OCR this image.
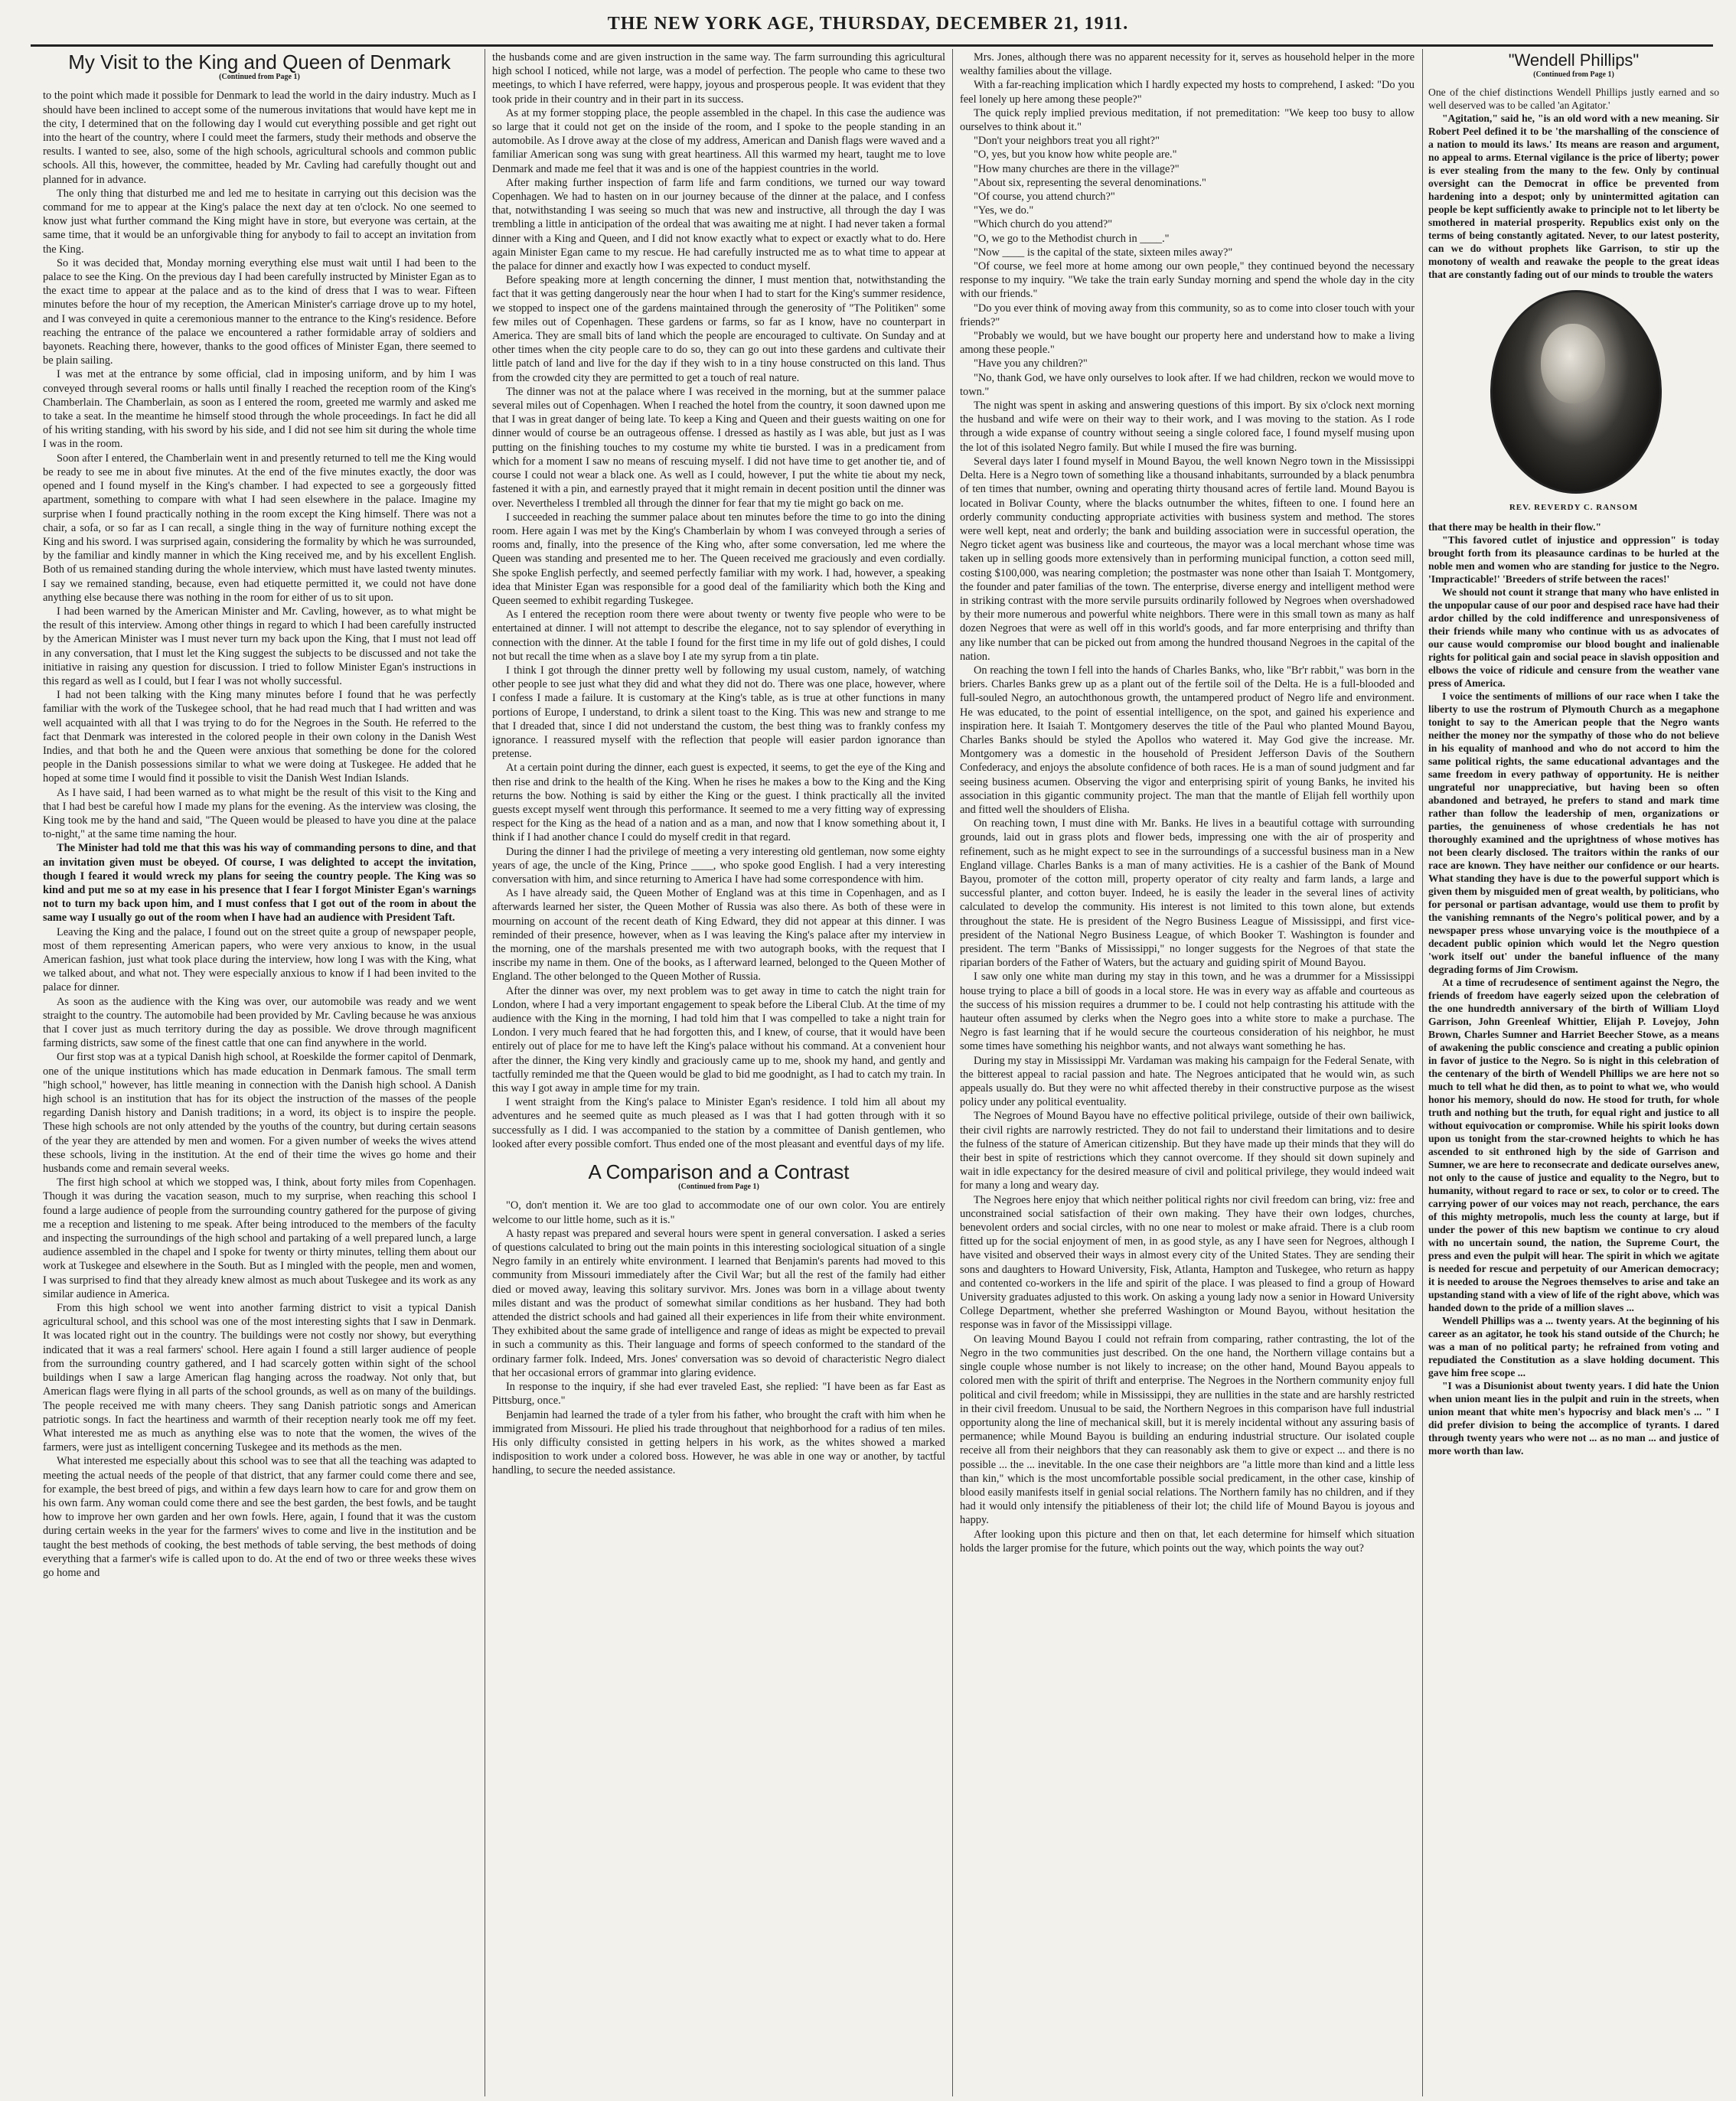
THE NEW YORK AGE, THURSDAY, DECEMBER 21, 1911.
My Visit to the King and Queen of Denmark
(Continued from Page 1)

to the point which made it possible for Denmark to lead the world in the dairy industry. Much as I should have been inclined to accept some of the numerous invitations that would have kept me in the city, I determined that on the following day I would cut everything possible and get right out into the heart of the country, where I could meet the farmers, study their methods and observe the results. I wanted to see, also, some of the high schools, agricultural schools and common public schools. All this, however, the committee, headed by Mr. Cavling had carefully thought out and planned for in advance.

The only thing that disturbed me and led me to hesitate in carrying out this decision was the command for me to appear at the King's palace the next day at ten o'clock. No one seemed to know just what further command the King might have in store, but everyone was certain, at the same time, that it would be an unforgivable thing for anybody to fail to accept an invitation from the King.

So it was decided that, Monday morning everything else must wait until I had been to the palace to see the King. On the previous day I had been carefully instructed by Minister Egan as to the exact time to appear at the palace and as to the kind of dress that I was to wear. Fifteen minutes before the hour of my reception, the American Minister's carriage drove up to my hotel, and I was conveyed in quite a ceremonious manner to the entrance to the King's residence. Before reaching the entrance of the palace we encountered a rather formidable array of soldiers and bayonets. Reaching there, however, thanks to the good offices of Minister Egan, there seemed to be plain sailing.

I was met at the entrance by some official, clad in imposing uniform, and by him I was conveyed through several rooms or halls until finally I reached the reception room of the King's Chamberlain. The Chamberlain, as soon as I entered the room, greeted me warmly and asked me to take a seat. In the meantime he himself stood through the whole proceedings. In fact he did all of his writing standing, with his sword by his side, and I did not see him sit during the whole time I was in the room.

Soon after I entered, the Chamberlain went in and presently returned to tell me the King would be ready to see me in about five minutes. At the end of the five minutes exactly, the door was opened and I found myself in the King's chamber. I had expected to see a gorgeously fitted apartment, something to compare with what I had seen elsewhere in the palace. Imagine my surprise when I found practically nothing in the room except the King himself. There was not a chair, a sofa, or so far as I can recall, a single thing in the way of furniture nothing except the King and his sword. I was surprised again, considering the formality by which he was surrounded, by the familiar and kindly manner in which the King received me, and by his excellent English. Both of us remained standing during the whole interview, which must have lasted twenty minutes. I say we remained standing, because, even had etiquette permitted it, we could not have done anything else because there was nothing in the room for either of us to sit upon.

I had been warned by the American Minister and Mr. Cavling, however, as to what might be the result of this interview. Among other things in regard to which I had been carefully instructed by the American Minister was I must never turn my back upon the King, that I must not lead off in any conversation, that I must let the King suggest the subjects to be discussed and not take the initiative in raising any question for discussion. I tried to follow Minister Egan's instructions in this regard as well as I could, but I fear I was not wholly successful.

I had not been talking with the King many minutes before I found that he was perfectly familiar with the work of the Tuskegee school, that he had read much that I had written and was well acquainted with all that I was trying to do for the Negroes in the South. He referred to the fact that Denmark was interested in the colored people in their own colony in the Danish West Indies, and that both he and the Queen were anxious that something be done for the colored people in the Danish possessions similar to what we were doing at Tuskegee. He added that he hoped at some time I would find it possible to visit the Danish West Indian Islands.

As I have said, I had been warned as to what might be the result of this visit to the King and that I had best be careful how I made my plans for the evening. As the interview was closing, the King took me by the hand and said, "The Queen would be pleased to have you dine at the palace to-night," at the same time naming the hour.

The Minister had told me that this was his way of commanding persons to dine, and that an invitation given must be obeyed. Of course, I was delighted to accept the invitation, though I feared it would wreck my plans for seeing the country people. The King was so kind and put me so at my ease in his presence that I fear I forgot Minister Egan's warnings not to turn my back upon him, and I must confess that I got out of the room in about the same way I usually go out of the room when I have had an audience with President Taft.

Leaving the King and the palace, I found out on the street quite a group of newspaper people, most of them representing American papers, who were very anxious to know, in the usual American fashion, just what took place during the interview, how long I was with the King, what we talked about, and what not. They were especially anxious to know if I had been invited to the palace for dinner.

As soon as the audience with the King was over, our automobile was ready and we went straight to the country. The automobile had been provided by Mr. Cavling because he was anxious that I cover just as much territory during the day as possible. We drove through magnificent farming districts, saw some of the finest cattle that one can find anywhere in the world.

Our first stop was at a typical Danish high school, at Roeskilde the former capitol of Denmark, one of the unique institutions which has made education in Denmark famous. The small term "high school," however, has little meaning in connection with the Danish high school. A Danish high school is an institution that has for its object the instruction of the masses of the people regarding Danish history and Danish traditions; in a word, its object is to inspire the people. These high schools are not only attended by the youths of the country, but during certain seasons of the year they are attended by men and women. For a given number of weeks the wives attend these schools, living in the institution. At the end of their time the wives go home and their husbands come and remain several weeks.

The first high school at which we stopped was, I think, about forty miles from Copenhagen. Though it was during the vacation season, much to my surprise, when reaching this school I found a large audience of people from the surrounding country gathered for the purpose of giving me a reception and listening to me speak. After being introduced to the members of the faculty and inspecting the surroundings of the high school and partaking of a well prepared lunch, a large audience assembled in the chapel and I spoke for twenty or thirty minutes, telling them about our work at Tuskegee and elsewhere in the South. But as I mingled with the people, men and women, I was surprised to find that they already knew almost as much about Tuskegee and its work as any similar audience in America.

From this high school we went into another farming district to visit a typical Danish agricultural school, and this school was one of the most interesting sights that I saw in Denmark. It was located right out in the country. The buildings were not costly nor showy, but everything indicated that it was a real farmers' school. Here again I found a still larger audience of people from the surrounding country gathered, and I had scarcely gotten within sight of the school buildings when I saw a large American flag hanging across the roadway. Not only that, but American flags were flying in all parts of the school grounds, as well as on many of the buildings. The people received me with many cheers. They sang Danish patriotic songs and American patriotic songs. In fact the heartiness and warmth of their reception nearly took me off my feet. What interested me as much as anything else was to note that the women, the wives of the farmers, were just as intelligent concerning Tuskegee and its methods as the men.

What interested me especially about this school was to see that all the teaching was adapted to meeting the actual needs of the people of that district, that any farmer could come there and see, for example, the best breed of pigs, and within a few days learn how to care for and grow them on his own farm. Any woman could come there and see the best garden, the best fowls, and be taught how to improve her own garden and her own fowls. Here, again, I found that it was the custom during certain weeks in the year for the farmers' wives to come and live in the institution and be taught the best methods of cooking, the best methods of table serving, the best methods of doing everything that a farmer's wife is called upon to do. At the end of two or three weeks these wives go home and

the husbands come and are given instruction in the same way. The farm surrounding this agricultural high school I noticed, while not large, was a model of perfection. The people who came to these two meetings, to which I have referred, were happy, joyous and prosperous people. It was evident that they took pride in their country and in their part in its success.

As at my former stopping place, the people assembled in the chapel. In this case the audience was so large that it could not get on the inside of the room, and I spoke to the people standing in an automobile. As I drove away at the close of my address, American and Danish flags were waved and a familiar American song was sung with great heartiness. All this warmed my heart, taught me to love Denmark and made me feel that it was and is one of the happiest countries in the world.

After making further inspection of farm life and farm conditions, we turned our way toward Copenhagen. We had to hasten on in our journey because of the dinner at the palace, and I confess that, notwithstanding I was seeing so much that was new and instructive, all through the day I was trembling a little in anticipation of the ordeal that was awaiting me at night. I had never taken a formal dinner with a King and Queen, and I did not know exactly what to expect or exactly what to do. Here again Minister Egan came to my rescue. He had carefully instructed me as to what time to appear at the palace for dinner and exactly how I was expected to conduct myself.

Before speaking more at length concerning the dinner, I must mention that, notwithstanding the fact that it was getting dangerously near the hour when I had to start for the King's summer residence, we stopped to inspect one of the gardens maintained through the generosity of "The Politiken" some few miles out of Copenhagen. These gardens or farms, so far as I know, have no counterpart in America. They are small bits of land which the people are encouraged to cultivate. On Sunday and at other times when the city people care to do so, they can go out into these gardens and cultivate their little patch of land and live for the day if they wish to in a tiny house constructed on this land. Thus from the crowded city they are permitted to get a touch of real nature.

The dinner was not at the palace where I was received in the morning, but at the summer palace several miles out of Copenhagen. When I reached the hotel from the country, it soon dawned upon me that I was in great danger of being late. To keep a King and Queen and their guests waiting on one for dinner would of course be an outrageous offense. I dressed as hastily as I was able, but just as I was putting on the finishing touches to my costume my white tie bursted. I was in a predicament from which for a moment I saw no means of rescuing myself. I did not have time to get another tie, and of course I could not wear a black one. As well as I could, however, I put the white tie about my neck, fastened it with a pin, and earnestly prayed that it might remain in decent position until the dinner was over. Nevertheless I trembled all through the dinner for fear that my tie might go back on me.

I succeeded in reaching the summer palace about ten minutes before the time to go into the dining room. Here again I was met by the King's Chamberlain by whom I was conveyed through a series of rooms and, finally, into the presence of the King who, after some conversation, led me where the Queen was standing and presented me to her. The Queen received me graciously and even cordially. She spoke English perfectly, and seemed perfectly familiar with my work. I had, however, a speaking idea that Minister Egan was responsible for a good deal of the familiarity which both the King and Queen seemed to exhibit regarding Tuskegee.

As I entered the reception room there were about twenty or twenty five people who were to be entertained at dinner. I will not attempt to describe the elegance, not to say splendor of everything in connection with the dinner. At the table I found for the first time in my life out of gold dishes, I could not but recall the time when as a slave boy I ate my syrup from a tin plate.

I think I got through the dinner pretty well by following my usual custom, namely, of watching other people to see just what they did and what they did not do. There was one place, however, where I confess I made a failure. It is customary at the King's table, as is true at other functions in many portions of Europe, I understand, to drink a silent toast to the King. This was new and strange to me that I dreaded that, since I did not understand the custom, the best thing was to frankly confess my ignorance. I reassured myself with the reflection that people will easier pardon ignorance than pretense.

At a certain point during the dinner, each guest is expected, it seems, to get the eye of the King and then rise and drink to the health of the King. When he rises he makes a bow to the King and the King returns the bow. Nothing is said by either the King or the guest. I think practically all the invited guests except myself went through this performance. It seemed to me a very fitting way of expressing respect for the King as the head of a nation and as a man, and now that I know something about it, I think if I had another chance I could do myself credit in that regard.

During the dinner I had the privilege of meeting a very interesting old gentleman, now some eighty years of age, the uncle of the King, Prince ____, who spoke good English. I had a very interesting conversation with him, and since returning to America I have had some correspondence with him.

As I have already said, the Queen Mother of England was at this time in Copenhagen, and as I afterwards learned her sister, the Queen Mother of Russia was also there. As both of these were in mourning on account of the recent death of King Edward, they did not appear at this dinner. I was reminded of their presence, however, when as I was leaving the King's palace after my interview in the morning, one of the marshals presented me with two autograph books, with the request that I inscribe my name in them. One of the books, as I afterward learned, belonged to the Queen Mother of England. The other belonged to the Queen Mother of Russia.

After the dinner was over, my next problem was to get away in time to catch the night train for London, where I had a very important engagement to speak before the Liberal Club. At the time of my audience with the King in the morning, I had told him that I was compelled to take a night train for London. I very much feared that he had forgotten this, and I knew, of course, that it would have been entirely out of place for me to have left the King's palace without his command. At a convenient hour after the dinner, the King very kindly and graciously came up to me, shook my hand, and gently and tactfully reminded me that the Queen would be glad to bid me goodnight, as I had to catch my train. In this way I got away in ample time for my train.

I went straight from the King's palace to Minister Egan's residence. I told him all about my adventures and he seemed quite as much pleased as I was that I had gotten through with it so successfully as I did. I was accompanied to the station by a committee of Danish gentlemen, who looked after every possible comfort. Thus ended one of the most pleasant and eventful days of my life.

A Comparison and a Contrast
(Continued from Page 1)

"O, don't mention it. We are too glad to accommodate one of our own color. You are entirely welcome to our little home, such as it is."

A hasty repast was prepared and several hours were spent in general conversation. I asked a series of questions calculated to bring out the main points in this interesting sociological situation of a single Negro family in an entirely white environment. I learned that Benjamin's parents had moved to this community from Missouri immediately after the Civil War; but all the rest of the family had either died or moved away, leaving this solitary survivor. Mrs. Jones was born in a village about twenty miles distant and was the product of somewhat similar conditions as her husband. They had both attended the district schools and had gained all their experiences in life from their white environment. They exhibited about the same grade of intelligence and range of ideas as might be expected to prevail in such a community as this. Their language and forms of speech conformed to the standard of the ordinary farmer folk. Indeed, Mrs. Jones' conversation was so devoid of characteristic Negro dialect that her occasional errors of grammar into glaring evidence.

In response to the inquiry, if she had ever traveled East, she replied: "I have been as far East as Pittsburg, once."

Benjamin had learned the trade of a tyler from his father, who brought the craft with him when he immigrated from Missouri. He plied his trade throughout that neighborhood for a radius of ten miles. His only difficulty consisted in getting helpers in his work, as the whites showed a marked indisposition to work under a colored boss. However, he was able in one way or another, by tactful handling, to secure the needed assistance.

Mrs. Jones, although there was no apparent necessity for it, serves as household helper in the more wealthy families about the village.

With a far-reaching implication which I hardly expected my hosts to comprehend, I asked: "Do you feel lonely up here among these people?"

The quick reply implied previous meditation, if not premeditation: "We keep too busy to allow ourselves to think about it."

"Don't your neighbors treat you all right?"

"O, yes, but you know how white people are."

"How many churches are there in the village?"

"About six, representing the several denominations."

"Of course, you attend church?"

"Yes, we do."

"Which church do you attend?"

"O, we go to the Methodist church in ____."

"Now ____ is the capital of the state, sixteen miles away?"

"Of course, we feel more at home among our own people," they continued beyond the necessary response to my inquiry. "We take the train early Sunday morning and spend the whole day in the city with our friends."

"Do you ever think of moving away from this community, so as to come into closer touch with your friends?"

"Probably we would, but we have bought our property here and understand how to make a living among these people."

"Have you any children?"

"No, thank God, we have only ourselves to look after. If we had children, reckon we would move to town."

The night was spent in asking and answering questions of this import. By six o'clock next morning the husband and wife were on their way to their work, and I was moving to the station. As I rode through a wide expanse of country without seeing a single colored face, I found myself musing upon the lot of this isolated Negro family. But while I mused the fire was burning.

Several days later I found myself in Mound Bayou, the well known Negro town in the Mississippi Delta. Here is a Negro town of something like a thousand inhabitants, surrounded by a black penumbra of ten times that number, owning and operating thirty thousand acres of fertile land. Mound Bayou is located in Bolivar County, where the blacks outnumber the whites, fifteen to one. I found here an orderly community conducting appropriate activities with business system and method. The stores were well kept, neat and orderly; the bank and building association were in successful operation, the Negro ticket agent was business like and courteous, the mayor was a local merchant whose time was taken up in selling goods more extensively than in performing municipal function, a cotton seed mill, costing $100,000, was nearing completion; the postmaster was none other than Isaiah T. Montgomery, the founder and pater familias of the town. The enterprise, diverse energy and intelligent method were in striking contrast with the more servile pursuits ordinarily followed by Negroes when overshadowed by their more numerous and powerful white neighbors. There were in this small town as many as half dozen Negroes that were as well off in this world's goods, and far more enterprising and thrifty than any like number that can be picked out from among the hundred thousand Negroes in the capital of the nation.

On reaching the town I fell into the hands of Charles Banks, who, like "Br'r rabbit," was born in the briers. Charles Banks grew up as a plant out of the fertile soil of the Delta. He is a full-blooded and full-souled Negro, an autochthonous growth, the untampered product of Negro life and environment. He was educated, to the point of essential intelligence, on the spot, and gained his experience and inspiration here. It Isaiah T. Montgomery deserves the title of the Paul who planted Mound Bayou, Charles Banks should be styled the Apollos who watered it. May God give the increase. Mr. Montgomery was a domestic in the household of President Jefferson Davis of the Southern Confederacy, and enjoys the absolute confidence of both races. He is a man of sound judgment and far seeing business acumen. Observing the vigor and enterprising spirit of young Banks, he invited his association in this gigantic community project. The man that the mantle of Elijah fell worthily upon and fitted well the shoulders of Elisha.

On reaching town, I must dine with Mr. Banks. He lives in a beautiful cottage with surrounding grounds, laid out in grass plots and flower beds, impressing one with the air of prosperity and refinement, such as he might expect to see in the surroundings of a successful business man in a New England village. Charles Banks is a man of many activities. He is a cashier of the Bank of Mound Bayou, promoter of the cotton mill, property operator of city realty and farm lands, a large and successful planter, and cotton buyer. Indeed, he is easily the leader in the several lines of activity calculated to develop the community. His interest is not limited to this town alone, but extends throughout the state. He is president of the Negro Business League of Mississippi, and first vice-president of the National Negro Business League, of which Booker T. Washington is founder and president. The term "Banks of Mississippi," no longer suggests for the Negroes of that state the riparian borders of the Father of Waters, but the actuary and guiding spirit of Mound Bayou.

I saw only one white man during my stay in this town, and he was a drummer for a Mississippi house trying to place a bill of goods in a local store. He was in every way as affable and courteous as the success of his mission requires a drummer to be. I could not help contrasting his attitude with the hauteur often assumed by clerks when the Negro goes into a white store to make a purchase. The Negro is fast learning that if he would secure the courteous consideration of his neighbor, he must some times have something his neighbor wants, and not always want something he has.

During my stay in Mississippi Mr. Vardaman was making his campaign for the Federal Senate, with the bitterest appeal to racial passion and hate. The Negroes anticipated that he would win, as such appeals usually do. But they were no whit affected thereby in their constructive purpose as the wisest policy under any political eventuality.

The Negroes of Mound Bayou have no effective political privilege, outside of their own bailiwick, their civil rights are narrowly restricted. They do not fail to understand their limitations and to desire the fulness of the stature of American citizenship. But they have made up their minds that they will do their best in spite of restrictions which they cannot overcome. If they should sit down supinely and wait in idle expectancy for the desired measure of civil and political privilege, they would indeed wait for many a long and weary day.

The Negroes here enjoy that which neither political rights nor civil freedom can bring, viz: free and unconstrained social satisfaction of their own making. They have their own lodges, churches, benevolent orders and social circles, with no one near to molest or make afraid. There is a club room fitted up for the social enjoyment of men, in as good style, as any I have seen for Negroes, although I have visited and observed their ways in almost every city of the United States. They are sending their sons and daughters to Howard University, Fisk, Atlanta, Hampton and Tuskegee, who return as happy and contented co-workers in the life and spirit of the place. I was pleased to find a group of Howard University graduates adjusted to this work. On asking a young lady now a senior in Howard University College Department, whether she preferred Washington or Mound Bayou, without hesitation the response was in favor of the Mississippi village.

On leaving Mound Bayou I could not refrain from comparing, rather contrasting, the lot of the Negro in the two communities just described. On the one hand, the Northern village contains but a single couple whose number is not likely to increase; on the other hand, Mound Bayou appeals to colored men with the spirit of thrift and enterprise. The Negroes in the Northern community enjoy full political and civil freedom; while in Mississippi, they are nullities in the state and are harshly restricted in their civil freedom. Unusual to be said, the Northern Negroes in this comparison have full industrial opportunity along the line of mechanical skill, but it is merely incidental without any assuring basis of permanence; while Mound Bayou is building an enduring industrial structure. Our isolated couple receive all from their neighbors that they can reasonably ask them to give or expect ... and there is no possible ... the ... inevitable. In the one case their neighbors are "a little more than kind and a little less than kin," which is the most uncomfortable possible social predicament, in the other case, kinship of blood easily manifests itself in genial social relations. The Northern family has no children, and if they had it would only intensify the pitiableness of their lot; the child life of Mound Bayou is joyous and happy.

After looking upon this picture and then on that, let each determine for himself which situation holds the larger promise for the future, which points out the way, which points the way out?

"Wendell Phillips"
(Continued from Page 1)

One of the chief distinctions Wendell Phillips justly earned and so well deserved was to be called 'an Agitator.'

"Agitation," said he, "is an old word with a new meaning. Sir Robert Peel defined it to be 'the marshalling of the conscience of a nation to mould its laws.' Its means are reason and argument, no appeal to arms. Eternal vigilance is the price of liberty; power is ever stealing from the many to the few. Only by continual oversight can the Democrat in office be prevented from hardening into a despot; only by unintermitted agitation can people be kept sufficiently awake to principle not to let liberty be smothered in material prosperity. Republics exist only on the terms of being constantly agitated. Never, to our latest posterity, can we do without prophets like Garrison, to stir up the monotony of wealth and reawake the people to the great ideas that are constantly fading out of our minds to trouble the waters

REV. REVERDY C. RANSOM

that there may be health in their flow."

"This favored cutlet of injustice and oppression" is today brought forth from its pleasaunce cardinas to be hurled at the noble men and women who are standing for justice to the Negro. 'Impracticable!' 'Breeders of strife between the races!'

We should not count it strange that many who have enlisted in the unpopular cause of our poor and despised race have had their ardor chilled by the cold indifference and unresponsiveness of their friends while many who continue with us as advocates of our cause would compromise our blood bought and inalienable rights for political gain and social peace in slavish opposition and elbows the voice of ridicule and censure from the weather vane press of America.

I voice the sentiments of millions of our race when I take the liberty to use the rostrum of Plymouth Church as a megaphone tonight to say to the American people that the Negro wants neither the money nor the sympathy of those who do not believe in his equality of manhood and who do not accord to him the same political rights, the same educational advantages and the same freedom in every pathway of opportunity. He is neither ungrateful nor unappreciative, but having been so often abandoned and betrayed, he prefers to stand and mark time rather than follow the leadership of men, organizations or parties, the genuineness of whose credentials he has not thoroughly examined and the uprightness of whose motives has not been clearly disclosed. The traitors within the ranks of our race are known. They have neither our confidence or our hearts. What standing they have is due to the powerful support which is given them by misguided men of great wealth, by politicians, who for personal or partisan advantage, would use them to profit by the vanishing remnants of the Negro's political power, and by a newspaper press whose unvarying voice is the mouthpiece of a decadent public opinion which would let the Negro question 'work itself out' under the baneful influence of the many degrading forms of Jim Crowism.

At a time of recrudesence of sentiment against the Negro, the friends of freedom have eagerly seized upon the celebration of the one hundredth anniversary of the birth of William Lloyd Garrison, John Greenleaf Whittier, Elijah P. Lovejoy, John Brown, Charles Sumner and Harriet Beecher Stowe, as a means of awakening the public conscience and creating a public opinion in favor of justice to the Negro. So is night in this celebration of the centenary of the birth of Wendell Phillips we are here not so much to tell what he did then, as to point to what we, who would honor his memory, should do now. He stood for truth, for whole truth and nothing but the truth, for equal right and justice to all without equivocation or compromise. While his spirit looks down upon us tonight from the star-crowned heights to which he has ascended to sit enthroned high by the side of Garrison and Sumner, we are here to reconsecrate and dedicate ourselves anew, not only to the cause of justice and equality to the Negro, but to humanity, without regard to race or sex, to color or to creed. The carrying power of our voices may not reach, perchance, the ears of this mighty metropolis, much less the county at large, but if under the power of this new baptism we continue to cry aloud with no uncertain sound, the nation, the Supreme Court, the press and even the pulpit will hear. The spirit in which we agitate is needed for rescue and perpetuity of our American democracy; it is needed to arouse the Negroes themselves to arise and take an upstanding stand with a view of life of the right above, which was handed down to the pride of a million slaves ...

Wendell Phillips was a ... twenty years. At the beginning of his career as an agitator, he took his stand outside of the Church; he was a man of no political party; he refrained from voting and repudiated the Constitution as a slave holding document. This gave him free scope ...

"I was a Disunionist about twenty years. I did hate the Union when union meant lies in the pulpit and ruin in the streets, when union meant that white men's hypocrisy and black men's ... " I did prefer division to being the accomplice of tyrants. I dared through twenty years who were not ... as no man ... and justice of more worth than law.
